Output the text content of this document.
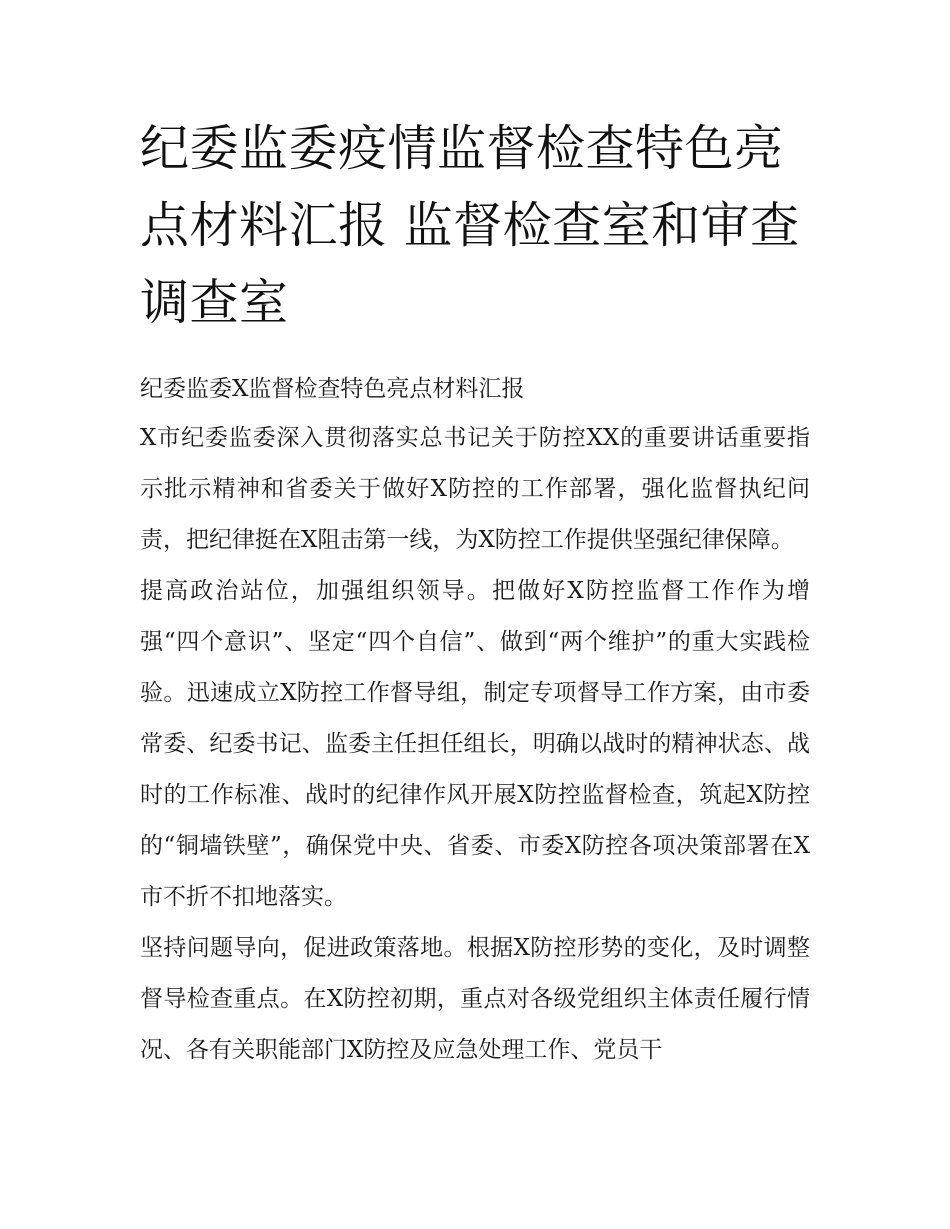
纪委监委疫情监督检查特色亮点材料汇报 监督检查室和审查调查室

纪委监委X监督检查特色亮点材料汇报

X市纪委监委深入贯彻落实总书记关于防控XX的重要讲话重要指示批示精神和省委关于做好X防控的工作部署，强化监督执纪问责，把纪律挺在X阻击第一线，为X防控工作提供坚强纪律保障。

提高政治站位，加强组织领导。把做好X防控监督工作作为增强“四个意识”、坚定“四个自信”、做到“两个维护”的重大实践检验。迅速成立X防控工作督导组，制定专项督导工作方案，由市委常委、纪委书记、监委主任担任组长，明确以战时的精神状态、战时的工作标准、战时的纪律作风开展X防控监督检查，筑起X防控的“铜墙铁壁”，确保党中央、省委、市委X防控各项决策部署在X市不折不扣地落实。

坚持问题导向，促进政策落地。根据X防控形势的变化，及时调整督导检查重点。在X防控初期，重点对各级党组织主体责任履行情况、各有关职能部门X防控及应急处理工作、党员干
